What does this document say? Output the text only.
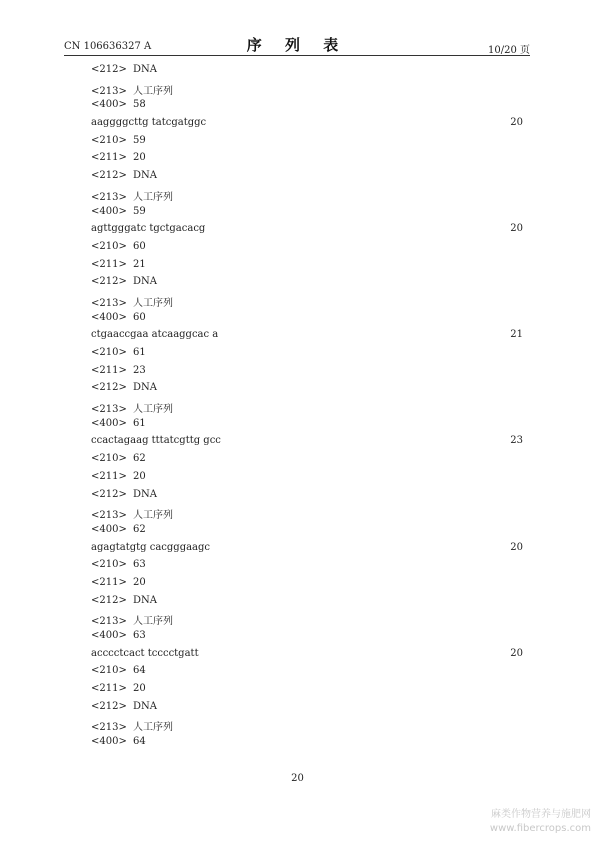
CN 106636327 A	序 列 表	10/20 页
<212> DNA
<213> 人工序列
<400> 58
aaggggcttg tatcgatggc	20
<210> 59
<211> 20
<212> DNA
<213> 人工序列
<400> 59
agttgggatc tgctgacacg	20
<210> 60
<211> 21
<212> DNA
<213> 人工序列
<400> 60
ctgaaccgaa atcaaggcac a	21
<210> 61
<211> 23
<212> DNA
<213> 人工序列
<400> 61
ccactagaag tttatcgttg gcc	23
<210> 62
<211> 20
<212> DNA
<213> 人工序列
<400> 62
agagtatgtg cacgggaagc	20
<210> 63
<211> 20
<212> DNA
<213> 人工序列
<400> 63
acccctcact tcccctgatt	20
<210> 64
<211> 20
<212> DNA
<213> 人工序列
<400> 64
20
麻类作物营养与施肥网
www.fibercrops.com
